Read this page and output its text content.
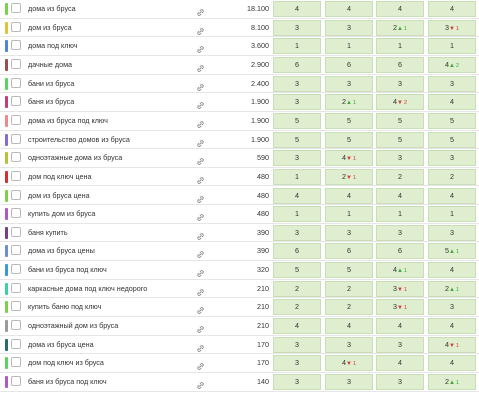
дома из бруса	18.100	4	4	4	4
дом из бруса	8.100	3	3	2▲1	3▼1
дома под ключ	3.600	1	1	1	1
дачные дома	2.900	6	6	6	4▲2
бани из бруса	2.400	3	3	3	3
баня из бруса	1.900	3	2▲1	4▼2	4
дома из бруса под ключ	1.900	5	5	5	5
строительство домов из бруса	1.900	5	5	5	5
одноэтажные дома из бруса	590	3	4▼1	3	3
дом под ключ цена	480	1	2▼1	2	2
дом из бруса цена	480	4	4	4	4
купить дом из бруса	480	1	1	1	1
баня купить	390	3	3	3	3
дома из бруса цены	390	6	6	6	5▲1
бани из бруса под ключ	320	5	5	4▲1	4
каркасные дома под ключ недорого	210	2	2	3▼1	2▲1
купить баню под ключ	210	2	2	3▼1	3
одноэтажный дом из бруса	210	4	4	4	4
дома из бруса цена	170	3	3	3	4▼1
дом под ключ из бруса	170	3	4▼1	4	4
баня из бруса под ключ	140	3	3	3	2▲1
